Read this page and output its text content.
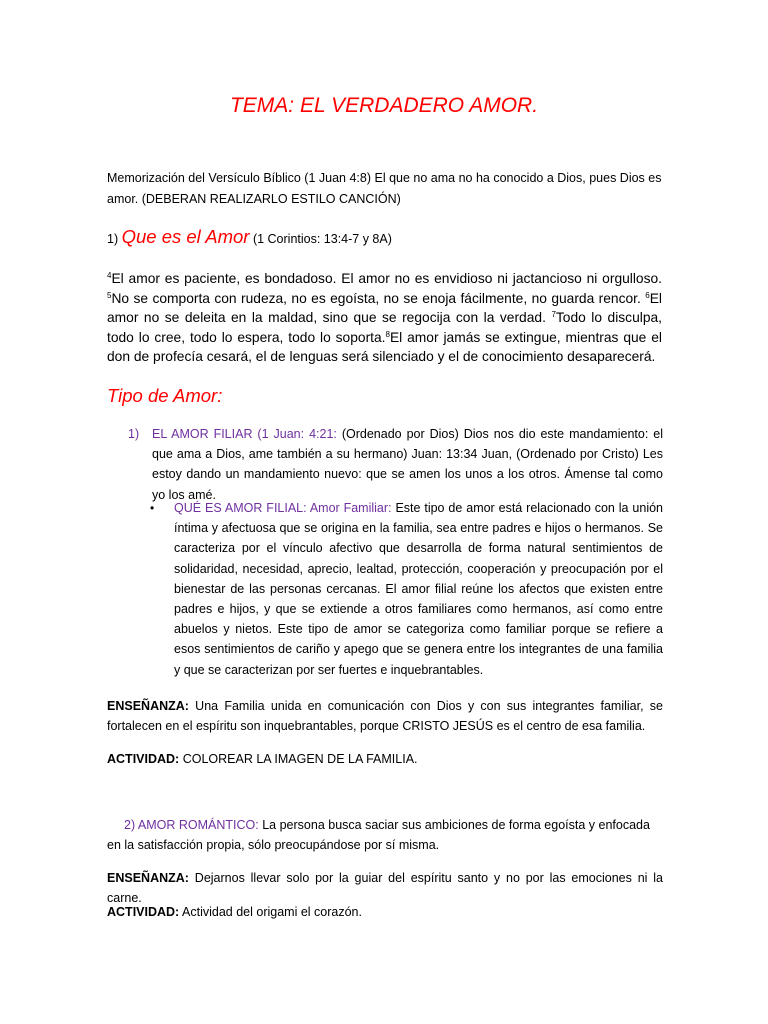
TEMA: EL VERDADERO AMOR.
Memorización del Versículo Bíblico (1 Juan 4:8) El que no ama no ha conocido a Dios, pues Dios es
amor. (DEBERAN REALIZARLO ESTILO CANCIÓN)
1) Que es el Amor (1 Corintios: 13:4-7 y 8A)
$^4$El amor es paciente, es bondadoso. El amor no es envidioso ni jactancioso ni orgulloso. $^5$No se comporta con rudeza, no es egoísta, no se enoja fácilmente, no guarda rencor. $^6$El amor no se deleita en la maldad, sino que se regocija con la verdad. $^7$Todo lo disculpa, todo lo cree, todo lo espera, todo lo soporta.$^8$El amor jamás se extingue, mientras que el don de profecía cesará, el de lenguas será silenciado y el de conocimiento desaparecerá.
Tipo de Amor:
1) EL AMOR FILIAR (1 Juan: 4:21: (Ordenado por Dios) Dios nos dio este mandamiento: el que ama a Dios, ame también a su hermano) Juan: 13:34 Juan, (Ordenado por Cristo) Les estoy dando un mandamiento nuevo: que se amen los unos a los otros. Ámense tal como yo los amé.
• QUÉ ES AMOR FILIAL: Amor Familiar: Este tipo de amor está relacionado con la unión íntima y afectuosa que se origina en la familia, sea entre padres e hijos o hermanos. Se caracteriza por el vínculo afectivo que desarrolla de forma natural sentimientos de solidaridad, necesidad, aprecio, lealtad, protección, cooperación y preocupación por el bienestar de las personas cercanas. El amor filial reúne los afectos que existen entre padres e hijos, y que se extiende a otros familiares como hermanos, así como entre abuelos y nietos. Este tipo de amor se categoriza como familiar porque se refiere a esos sentimientos de cariño y apego que se genera entre los integrantes de una familia y que se caracterizan por ser fuertes e inquebrantables.
ENSEÑANZA: Una Familia unida en comunicación con Dios y con sus integrantes familiar, se fortalecen en el espíritu son inquebrantables, porque CRISTO JESÚS es el centro de esa familia.
ACTIVIDAD: COLOREAR LA IMAGEN DE LA FAMILIA.
2) AMOR ROMÁNTICO: La persona busca saciar sus ambiciones de forma egoísta y enfocada en la satisfacción propia, sólo preocupándose por sí misma.
ENSEÑANZA: Dejarnos llevar solo por la guiar del espíritu santo y no por las emociones ni la carne.
ACTIVIDAD: Actividad del origami el corazón.
